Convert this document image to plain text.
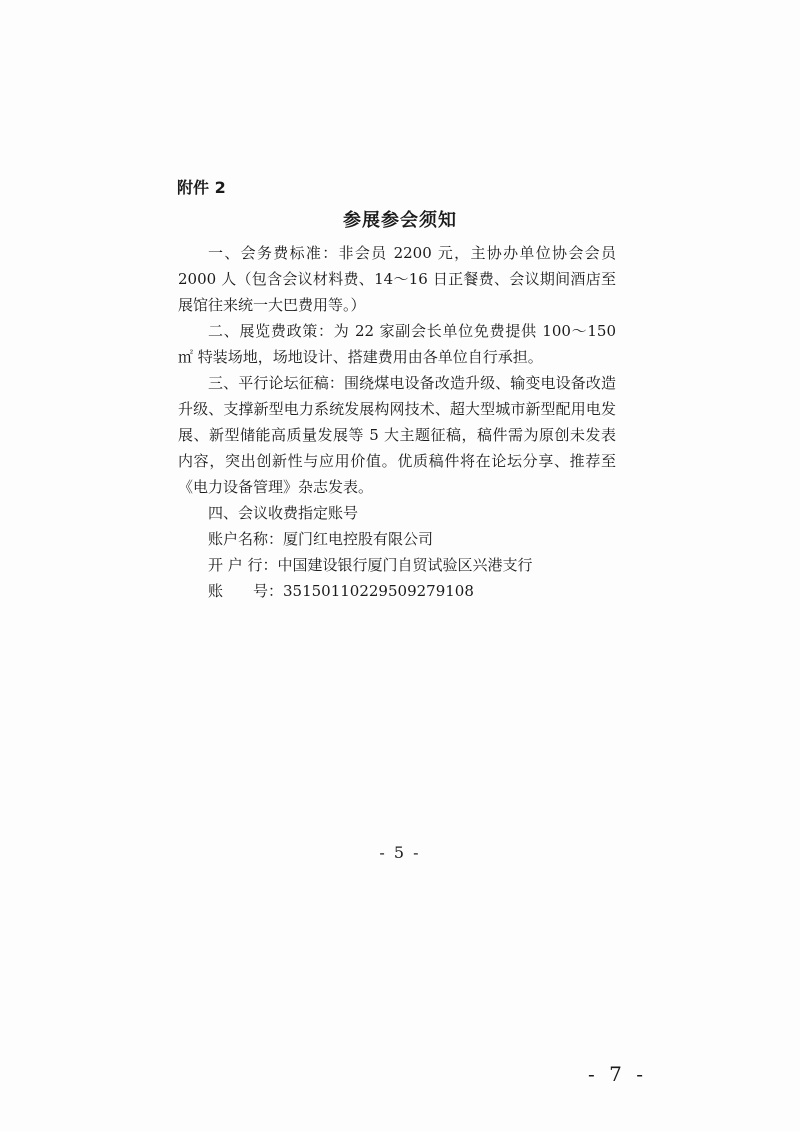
附件 2
参展参会须知

一、会务费标准：非会员 2200 元，主协办单位协会会员 2000 人（包含会议材料费、14～16 日正餐费、会议期间酒店至展馆往来统一大巴费用等。）

二、展览费政策：为 22 家副会长单位免费提供 100～150 ㎡ 特装场地，场地设计、搭建费用由各单位自行承担。

三、平行论坛征稿：围绕煤电设备改造升级、输变电设备改造升级、支撑新型电力系统发展构网技术、超大型城市新型配用电发展、新型储能高质量发展等 5 大主题征稿，稿件需为原创未发表内容，突出创新性与应用价值。优质稿件将在论坛分享、推荐至《电力设备管理》杂志发表。

四、会议收费指定账号

账户名称：厦门红电控股有限公司

开 户 行：中国建设银行厦门自贸试验区兴港支行

账　　号：35150110229509279108

- 5 -
- 7 -
